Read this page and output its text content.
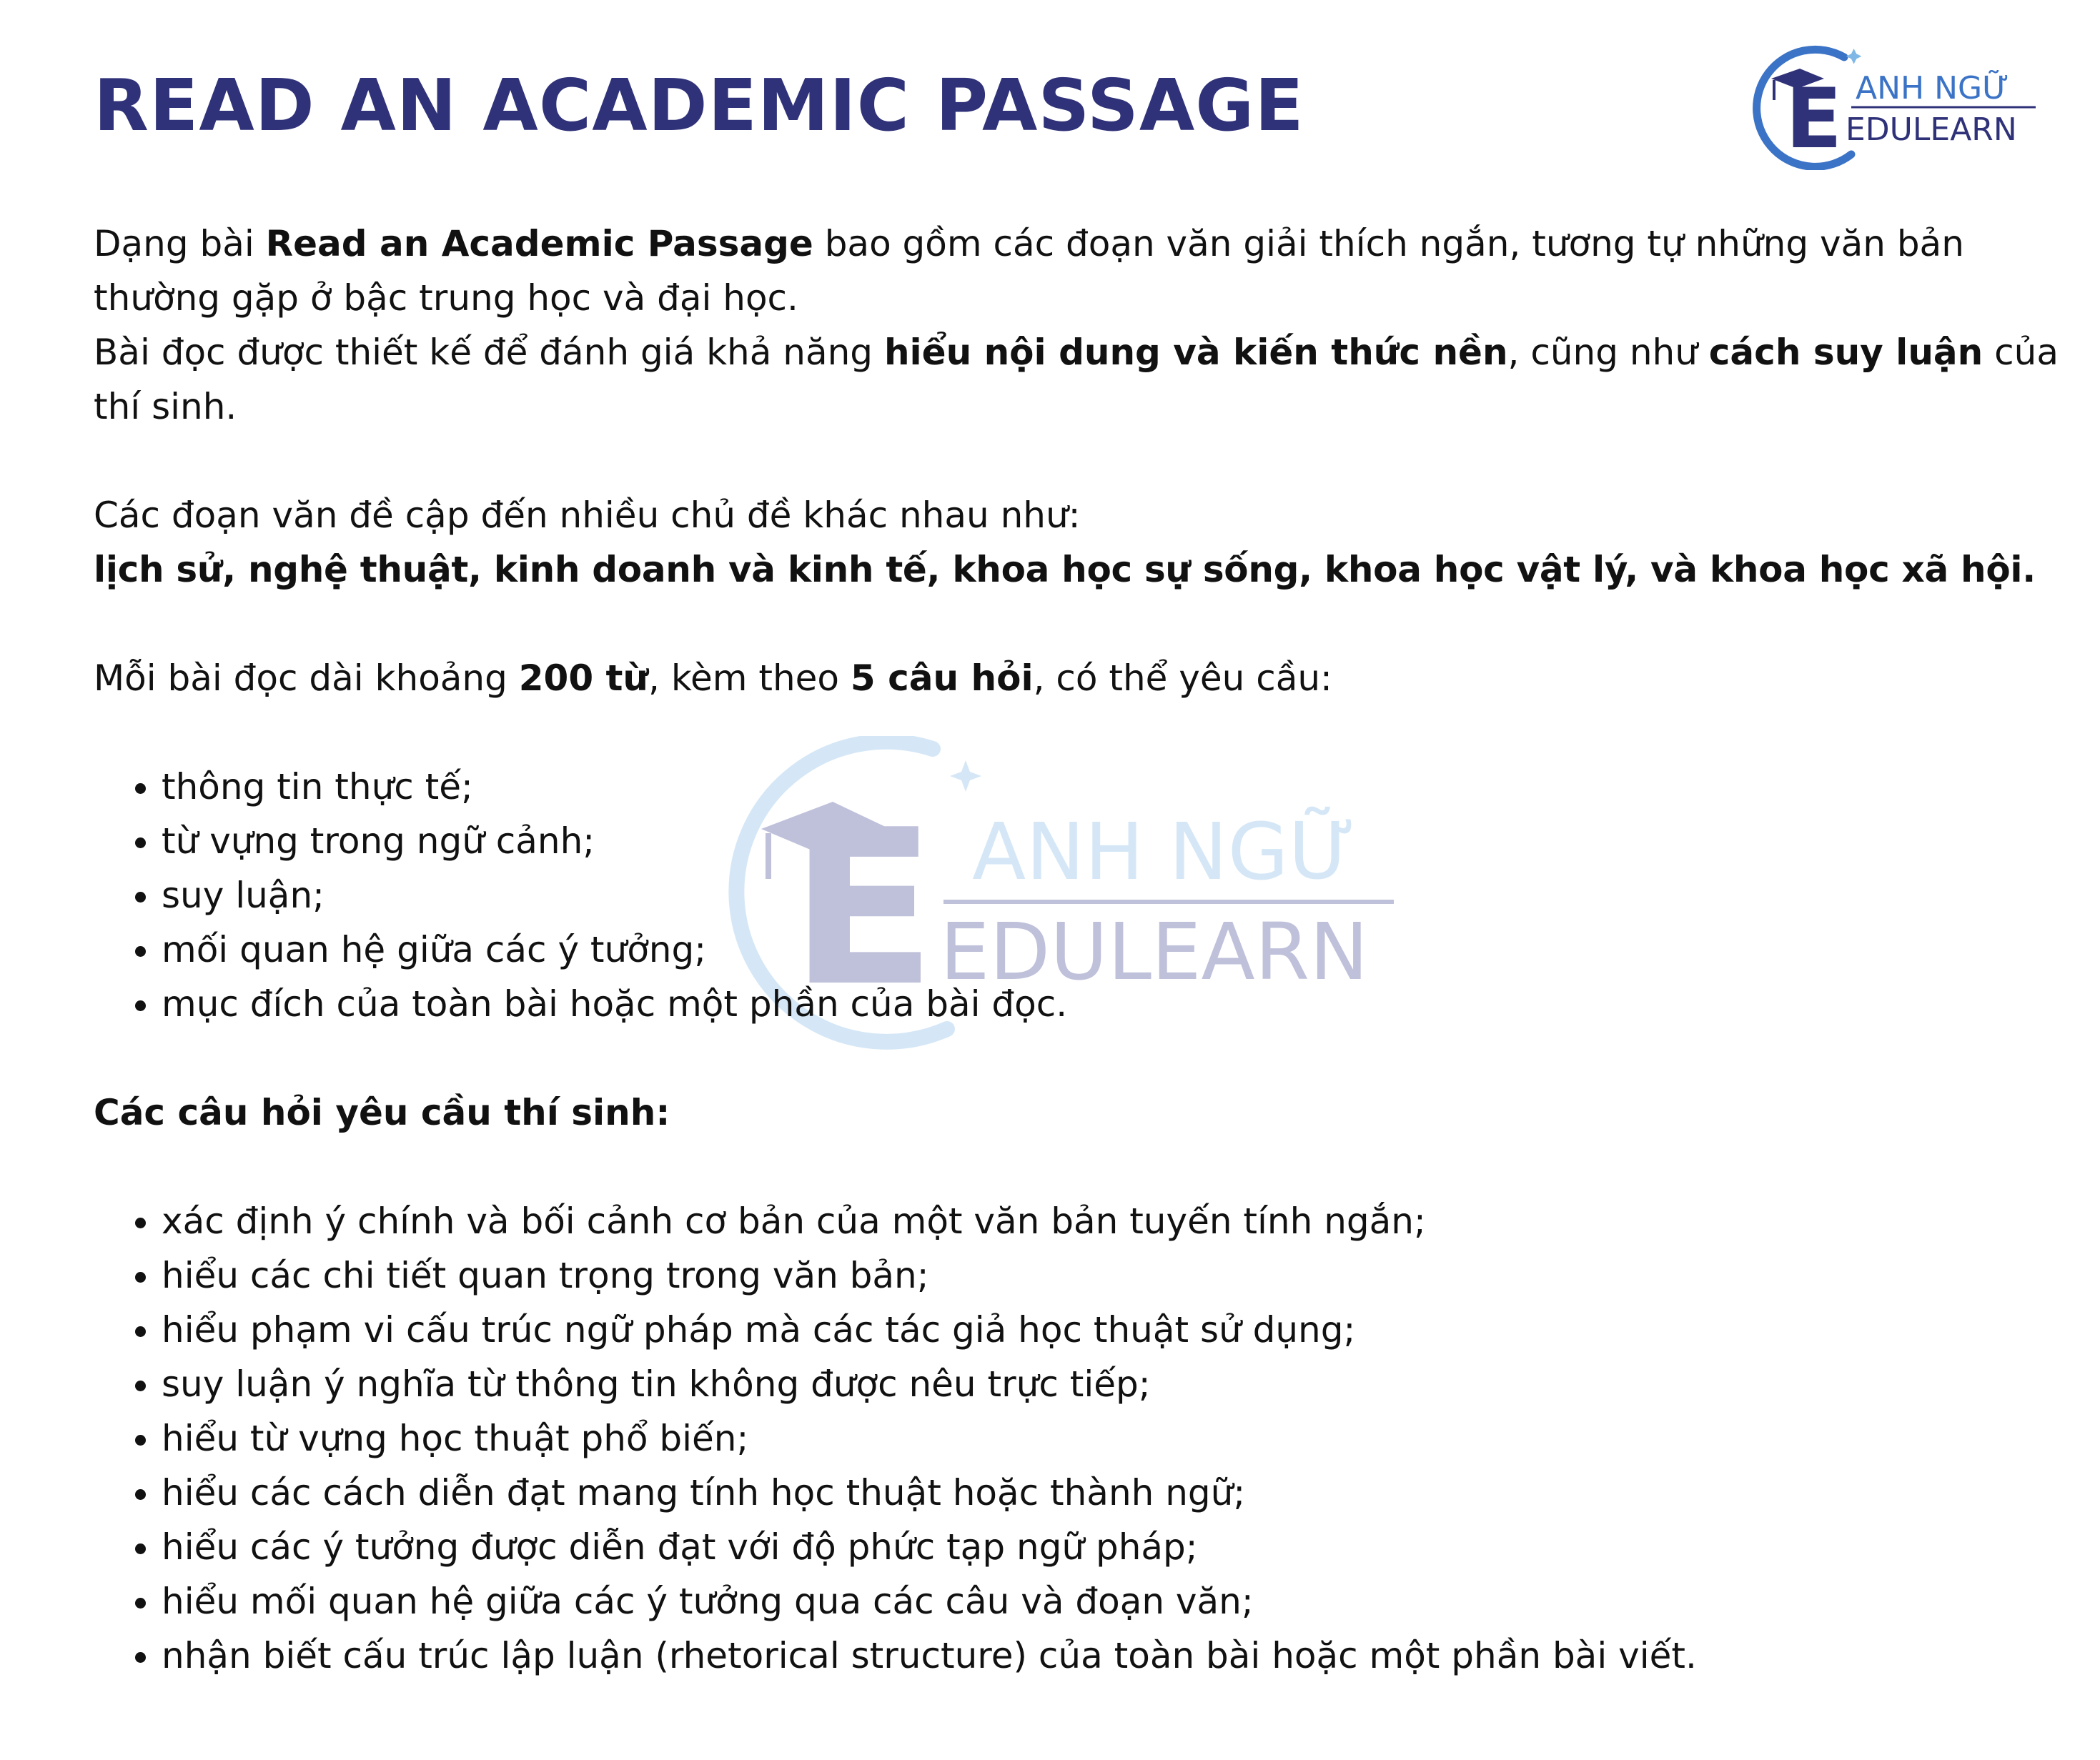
READ AN ACADEMIC PASSAGE	E ANH NGỮ
EDULEARN
E ANH NGỮ
EDULEARN

Dạng bài Read an Academic Passage bao gồm các đoạn văn giải thích ngắn, tương tự những văn bản thường gặp ở bậc trung học và đại học.

Bài đọc được thiết kế để đánh giá khả năng hiểu nội dung và kiến thức nền, cũng như cách suy luận của thí sinh.

Các đoạn văn đề cập đến nhiều chủ đề khác nhau như:

lịch sử, nghệ thuật, kinh doanh và kinh tế, khoa học sự sống, khoa học vật lý, và khoa học xã hội.

Mỗi bài đọc dài khoảng 200 từ, kèm theo 5 câu hỏi, có thể yêu cầu:

• thông tin thực tế;
• từ vựng trong ngữ cảnh;
• suy luận;
• mối quan hệ giữa các ý tưởng;
• mục đích của toàn bài hoặc một phần của bài đọc.

Các câu hỏi yêu cầu thí sinh:

• xác định ý chính và bối cảnh cơ bản của một văn bản tuyến tính ngắn;
• hiểu các chi tiết quan trọng trong văn bản;
• hiểu phạm vi cấu trúc ngữ pháp mà các tác giả học thuật sử dụng;
• suy luận ý nghĩa từ thông tin không được nêu trực tiếp;
• hiểu từ vựng học thuật phổ biến;
• hiểu các cách diễn đạt mang tính học thuật hoặc thành ngữ;
• hiểu các ý tưởng được diễn đạt với độ phức tạp ngữ pháp;
• hiểu mối quan hệ giữa các ý tưởng qua các câu và đoạn văn;
• nhận biết cấu trúc lập luận (rhetorical structure) của toàn bài hoặc một phần bài viết.
